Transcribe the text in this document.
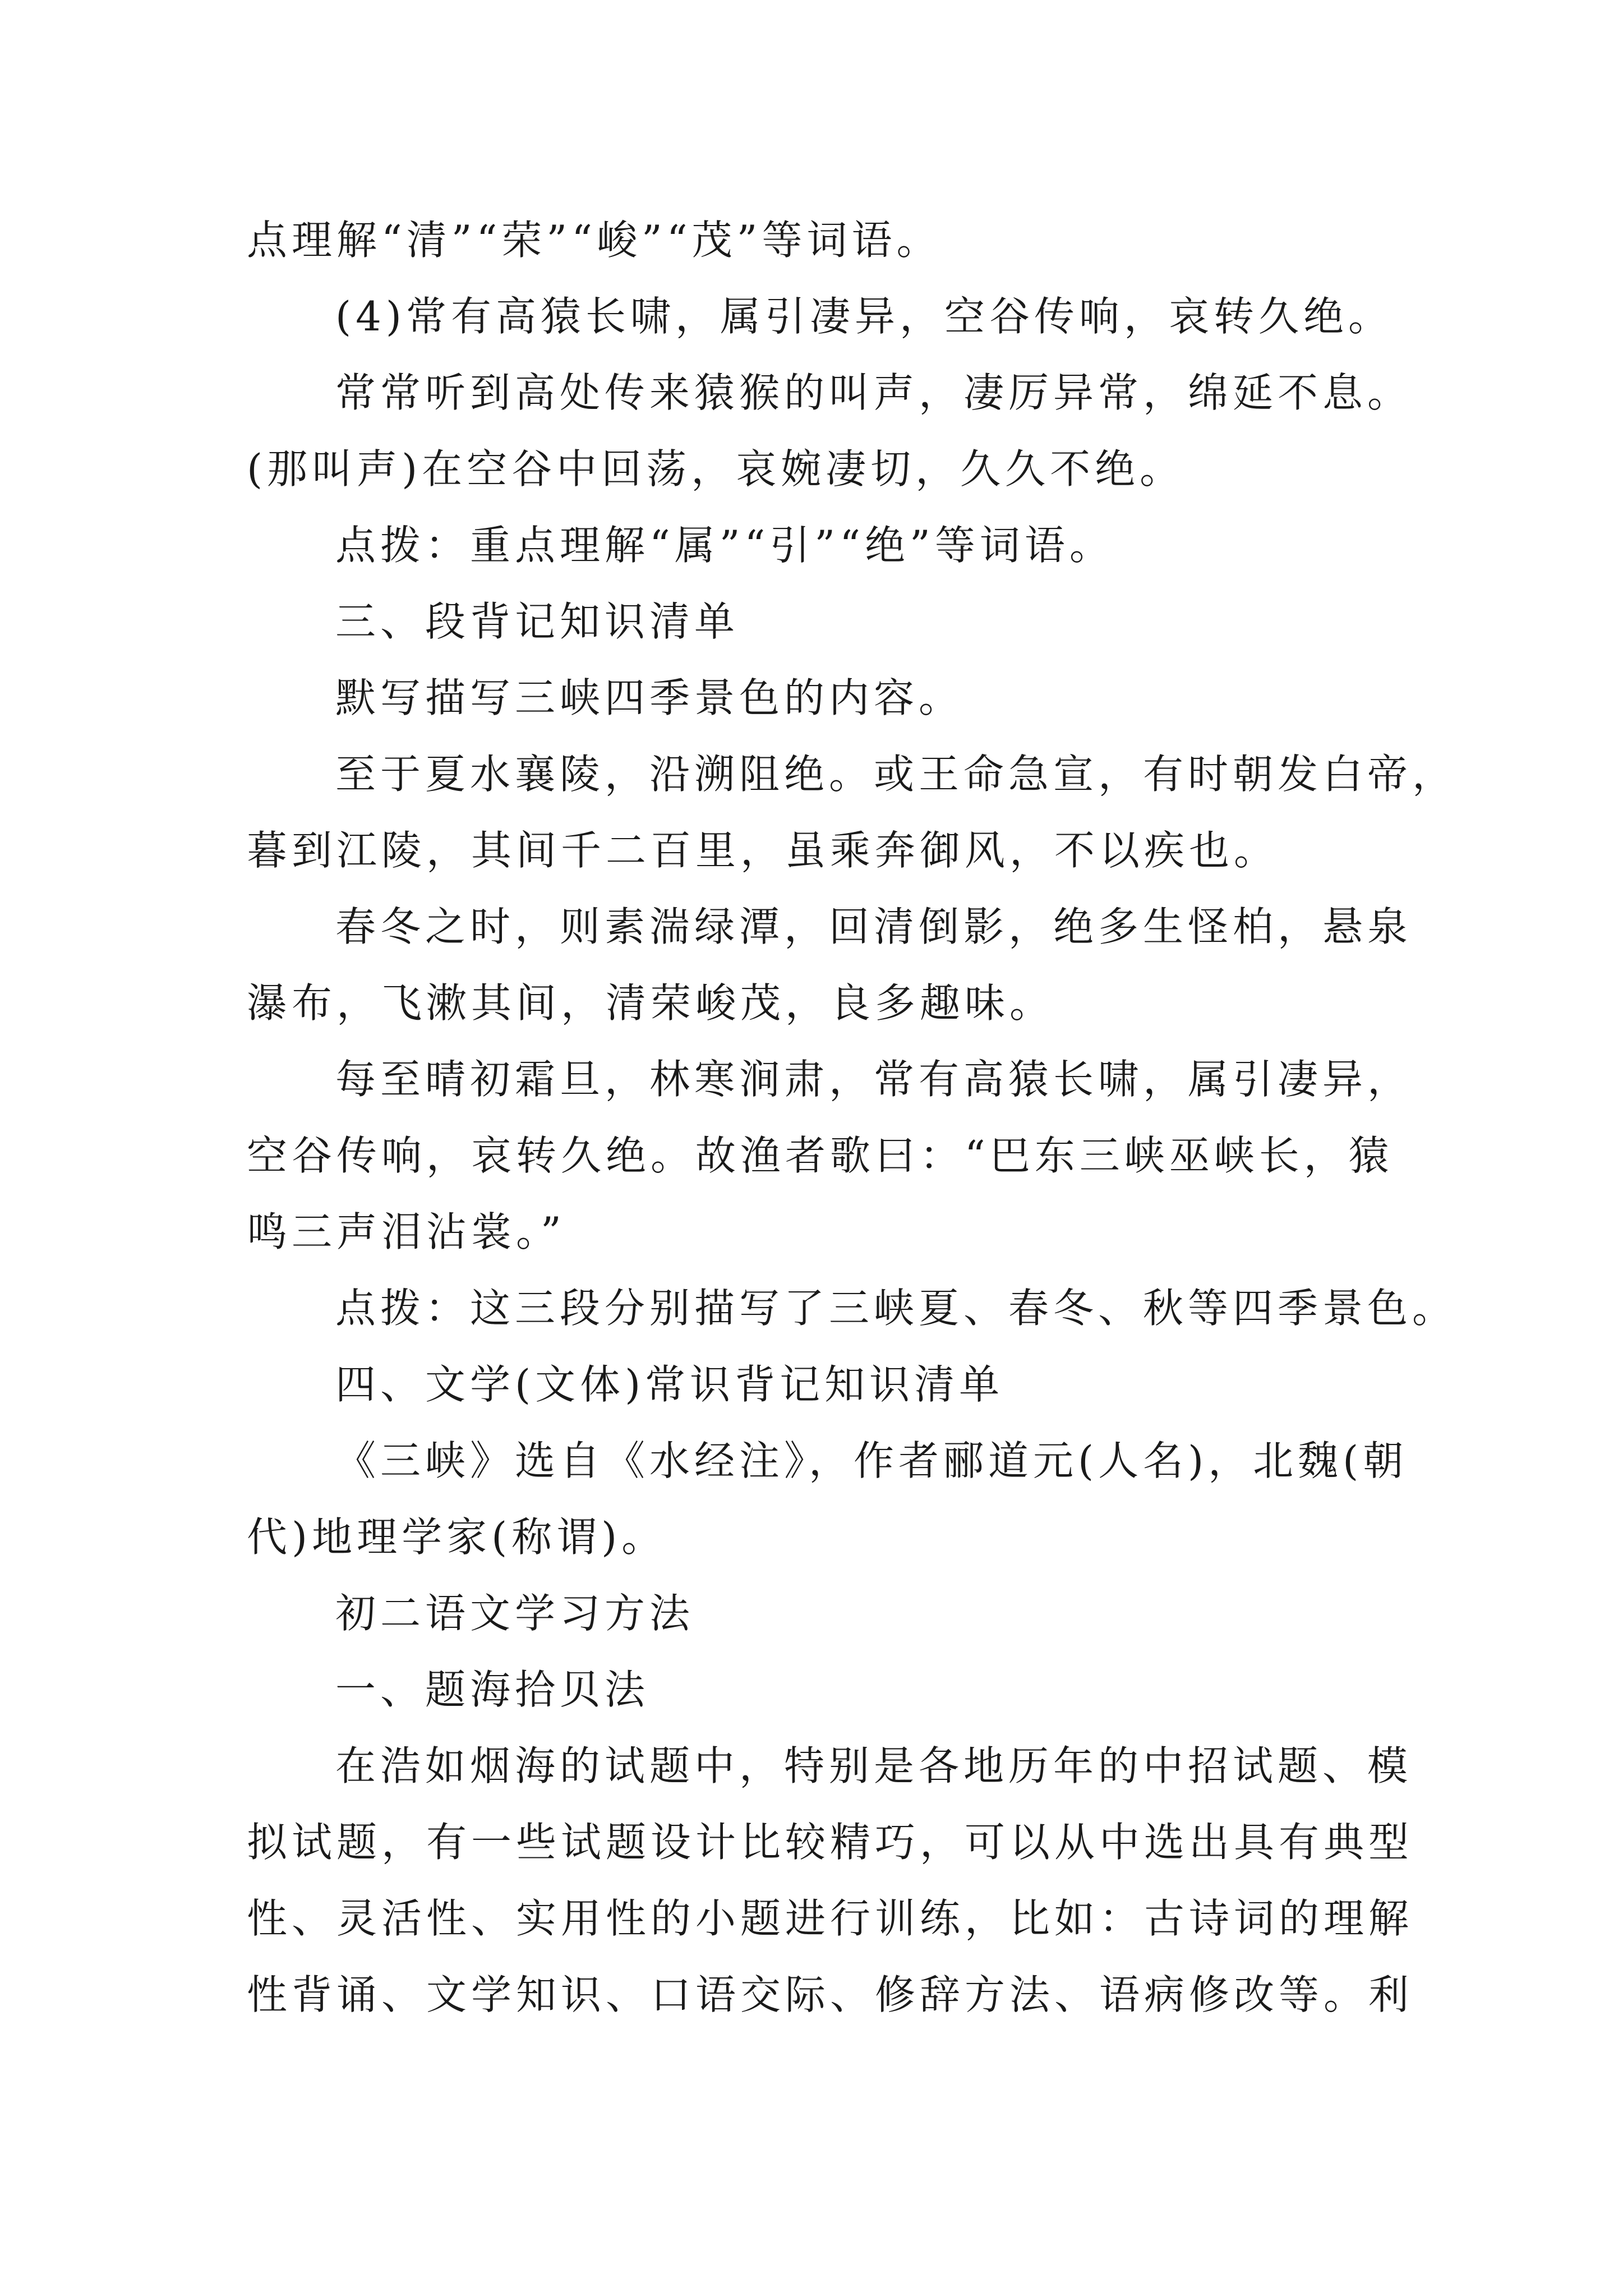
点理解“清”“荣”“峻”“茂”等词语。
(4)常有高猿长啸，属引凄异，空谷传响，哀转久绝。
常常听到高处传来猿猴的叫声，凄厉异常，绵延不息。
(那叫声)在空谷中回荡，哀婉凄切，久久不绝。
点拨：重点理解“属”“引”“绝”等词语。
三、段背记知识清单
默写描写三峡四季景色的内容。
至于夏水襄陵，沿溯阻绝。或王命急宣，有时朝发白帝，
暮到江陵，其间千二百里，虽乘奔御风，不以疾也。
春冬之时，则素湍绿潭，回清倒影，绝多生怪柏，悬泉
瀑布，飞漱其间，清荣峻茂，良多趣味。
每至晴初霜旦，林寒涧肃，常有高猿长啸，属引凄异，
空谷传响，哀转久绝。故渔者歌曰：“巴东三峡巫峡长，猿
鸣三声泪沾裳。”
点拨：这三段分别描写了三峡夏、春冬、秋等四季景色。
四、文学(文体)常识背记知识清单
《三峡》选自《水经注》，作者郦道元(人名)，北魏(朝
代)地理学家(称谓)。
初二语文学习方法
一、题海拾贝法
在浩如烟海的试题中，特别是各地历年的中招试题、模
拟试题，有一些试题设计比较精巧，可以从中选出具有典型
性、灵活性、实用性的小题进行训练，比如：古诗词的理解
性背诵、文学知识、口语交际、修辞方法、语病修改等。利
